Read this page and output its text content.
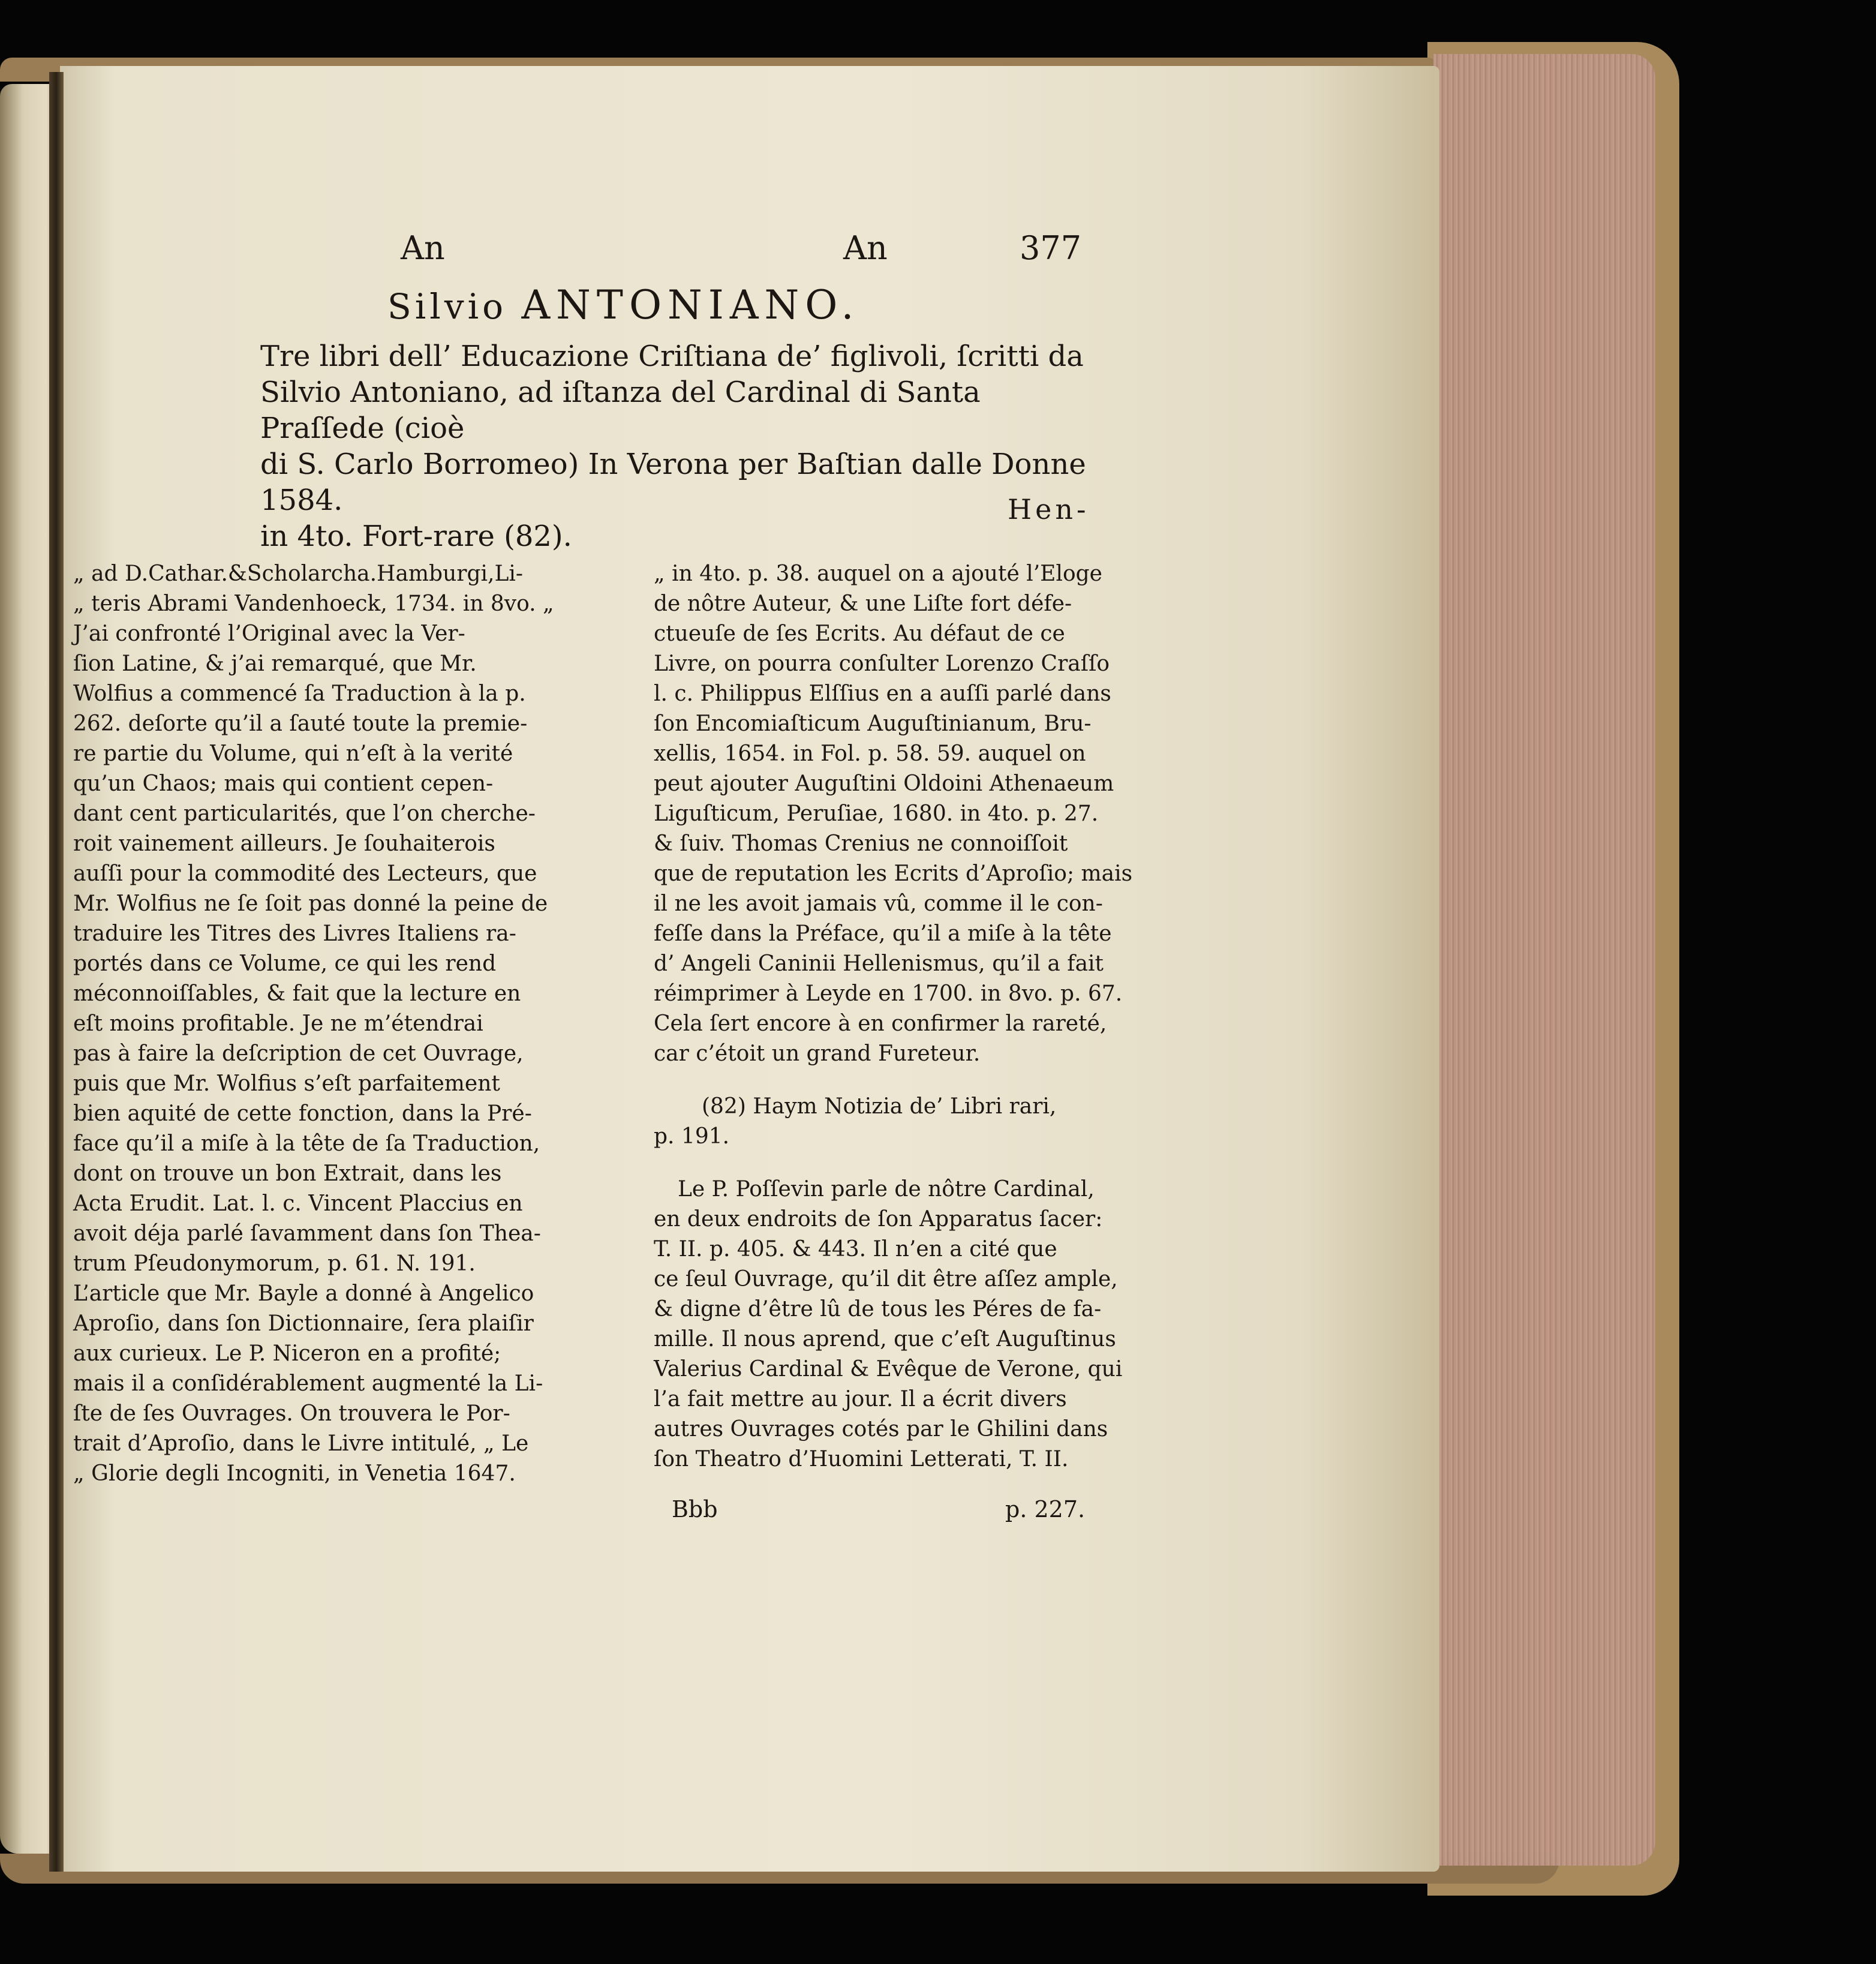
An	An	377
Silvio ANTONIANO.

Tre libri dell’ Educazione Criſtiana de’ figlivoli, ſcritti da

Silvio Antoniano, ad iſtanza del Cardinal di Santa Praſſede (cioè

di S. Carlo Borromeo) In Verona per Baſtian dalle Donne 1584.

in 4to. Fort-rare (82).

Hen-

„ ad D.Cathar.&Scholarcha.Hamburgi,Li-

„ teris Abrami Vandenhoeck, 1734. in 8vo. „

J’ai confronté l’Original avec la Ver-

ſion Latine, & j’ai remarqué, que Mr.

Wolfius a commencé ſa Traduction à la p.

262. deſorte qu’il a ſauté toute la premie-

re partie du Volume, qui n’eſt à la verité

qu’un Chaos; mais qui contient cepen-

dant cent particularités, que l’on cherche-

roit vainement ailleurs. Je ſouhaiterois

auſſi pour la commodité des Lecteurs, que

Mr. Wolfius ne ſe ſoit pas donné la peine de

traduire les Titres des Livres Italiens ra-

portés dans ce Volume, ce qui les rend

méconnoiſſables, & fait que la lecture en

eſt moins profitable. Je ne m’étendrai

pas à faire la deſcription de cet Ouvrage,

puis que Mr. Wolfius s’eſt parfaitement

bien aquité de cette fonction, dans la Pré-

face qu’il a miſe à la tête de ſa Traduction,

dont on trouve un bon Extrait, dans les

Acta Erudit. Lat. l. c. Vincent Placcius en

avoit déja parlé ſavamment dans ſon Thea-

trum Pſeudonymorum, p. 61. N. 191.

L’article que Mr. Bayle a donné à Angelico

Aproſio, dans ſon Dictionnaire, ſera plaiſir

aux curieux. Le P. Niceron en a profité;

mais il a conſidérablement augmenté la Li-

ſte de ſes Ouvrages. On trouvera le Por-

trait d’Aproſio, dans le Livre intitulé, „ Le

„ Glorie degli Incogniti, in Venetia 1647.

„ in 4to. p. 38. auquel on a ajouté l’Eloge

de nôtre Auteur, & une Liſte fort défe-

ctueuſe de ſes Ecrits. Au défaut de ce

Livre, on pourra conſulter Lorenzo Craſſo

l. c. Philippus Elſſius en a auſſi parlé dans

ſon Encomiaſticum Auguſtinianum, Bru-

xellis, 1654. in Fol. p. 58. 59. auquel on

peut ajouter Auguſtini Oldoini Athenaeum

Liguſticum, Peruſiae, 1680. in 4to. p. 27.

& ſuiv. Thomas Crenius ne connoiſſoit

que de reputation les Ecrits d’Aproſio; mais

il ne les avoit jamais vû, comme il le con-

feſſe dans la Préface, qu’il a miſe à la tête

d’ Angeli Caninii Hellenismus, qu’il a fait

réimprimer à Leyde en 1700. in 8vo. p. 67.

Cela ſert encore à en confirmer la rareté,

car c’étoit un grand Fureteur.

(82) Haym Notizia de’ Libri rari,

p. 191.

Le P. Poſſevin parle de nôtre Cardinal,

en deux endroits de ſon Apparatus ſacer:

T. II. p. 405. & 443. Il n’en a cité que

ce ſeul Ouvrage, qu’il dit être aſſez ample,

& digne d’être lû de tous les Péres de fa-

mille. Il nous aprend, que c’eſt Auguſtinus

Valerius Cardinal & Evêque de Verone, qui

l’a fait mettre au jour. Il a écrit divers

autres Ouvrages cotés par le Ghilini dans

ſon Theatro d’Huomini Letterati, T. II.

Bbb	p. 227.
